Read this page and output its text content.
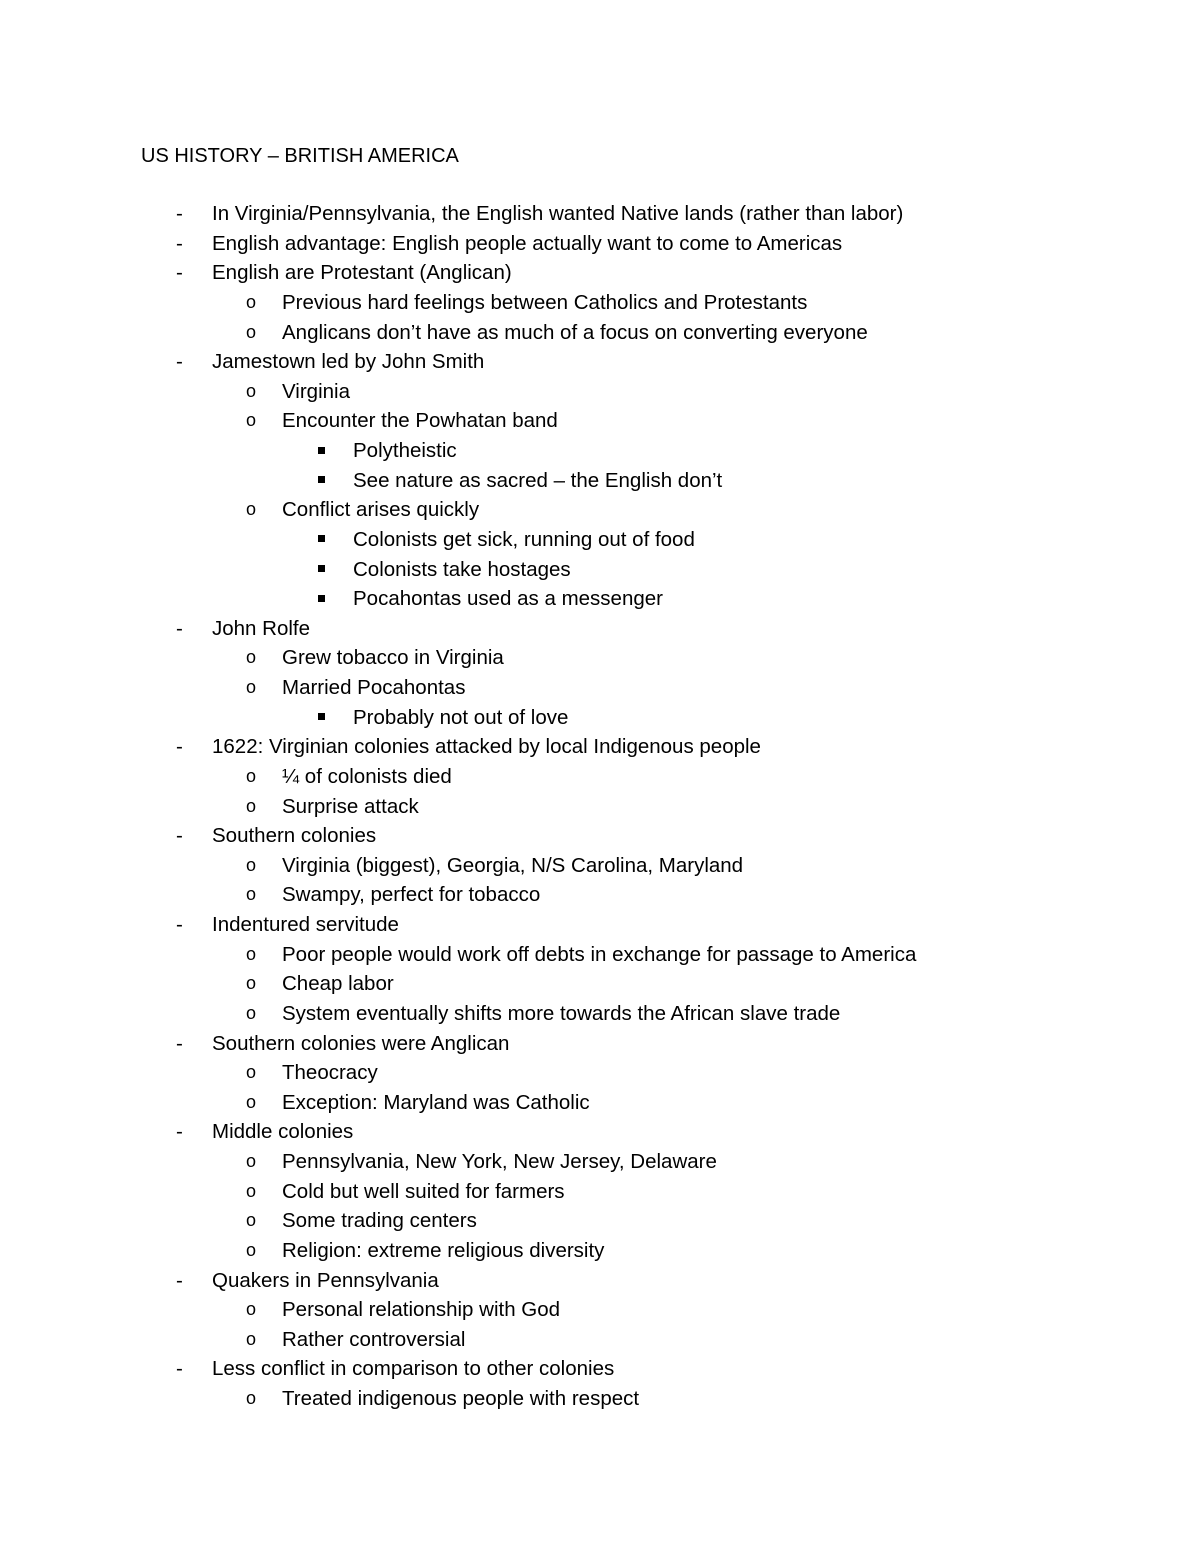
US HISTORY – BRITISH AMERICA
-	In Virginia/Pennsylvania, the English wanted Native lands (rather than labor)
-	English advantage: English people actually want to come to Americas
-	English are Protestant (Anglican)
o	Previous hard feelings between Catholics and Protestants
o	Anglicans don’t have as much of a focus on converting everyone
-	Jamestown led by John Smith
o	Virginia
o	Encounter the Powhatan band
Polytheistic
See nature as sacred – the English don’t
o	Conflict arises quickly
Colonists get sick, running out of food
Colonists take hostages
Pocahontas used as a messenger
-	John Rolfe
o	Grew tobacco in Virginia
o	Married Pocahontas
Probably not out of love
-	1622: Virginian colonies attacked by local Indigenous people
o	¼ of colonists died
o	Surprise attack
-	Southern colonies
o	Virginia (biggest), Georgia, N/S Carolina, Maryland
o	Swampy, perfect for tobacco
-	Indentured servitude
o	Poor people would work off debts in exchange for passage to America
o	Cheap labor
o	System eventually shifts more towards the African slave trade
-	Southern colonies were Anglican
o	Theocracy
o	Exception: Maryland was Catholic
-	Middle colonies
o	Pennsylvania, New York, New Jersey, Delaware
o	Cold but well suited for farmers
o	Some trading centers
o	Religion: extreme religious diversity
-	Quakers in Pennsylvania
o	Personal relationship with God
o	Rather controversial
-	Less conflict in comparison to other colonies
o	Treated indigenous people with respect
